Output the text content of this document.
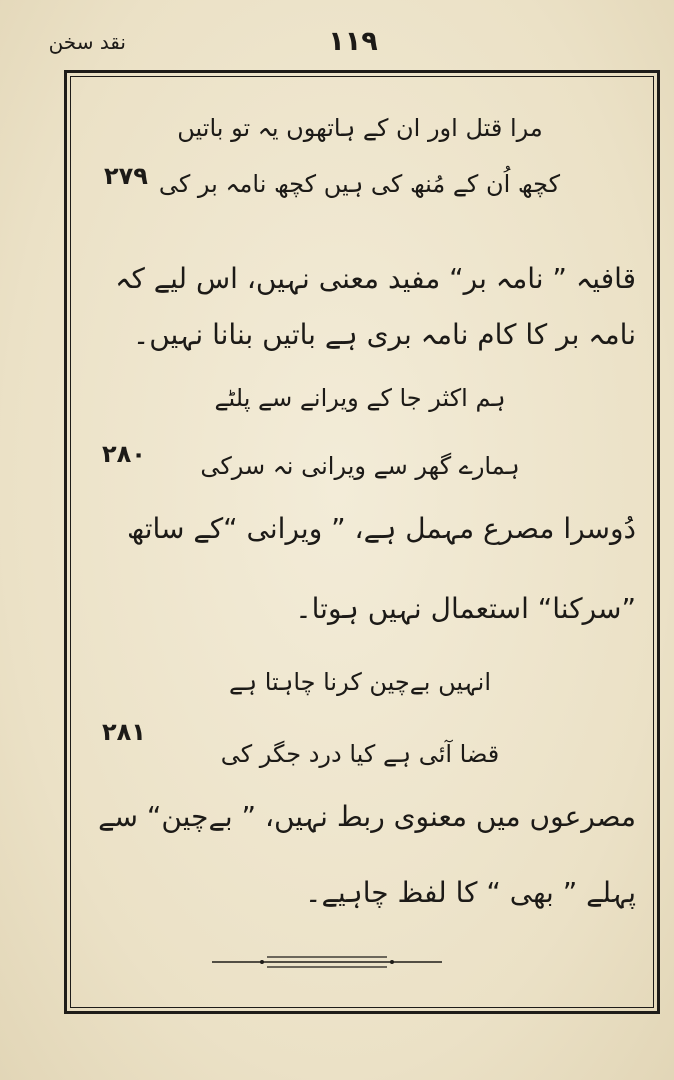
نقد سخن	۱۱۹
مرا قتل اور ان کے ہاتھوں یہ تو باتیں
۲۷۹ کچھ اُن کے مُنھ کی ہیں کچھ نامہ بر کی
قافیہ ” نامہ بر“ مفید معنی نہیں، اس لیے کہ
نامہ بر کا کام نامہ بری ہے باتیں بنانا نہیں۔
ہم اکثر جا کے ویرانے سے پلٹے
۲۸۰	ہمارے گھر سے ویرانی نہ سرکی
دُوسرا مصرع مہمل ہے، ” ویرانی “کے ساتھ
”سرکنا“ استعمال نہیں ہوتا۔
انہیں بےچین کرنا چاہتا ہے
۲۸۱
قضا آئی ہے کیا درد جگر کی
مصرعوں میں معنوی ربط نہیں، ” بےچین“ سے
پہلے ” بھی “ کا لفظ چاہیے۔
